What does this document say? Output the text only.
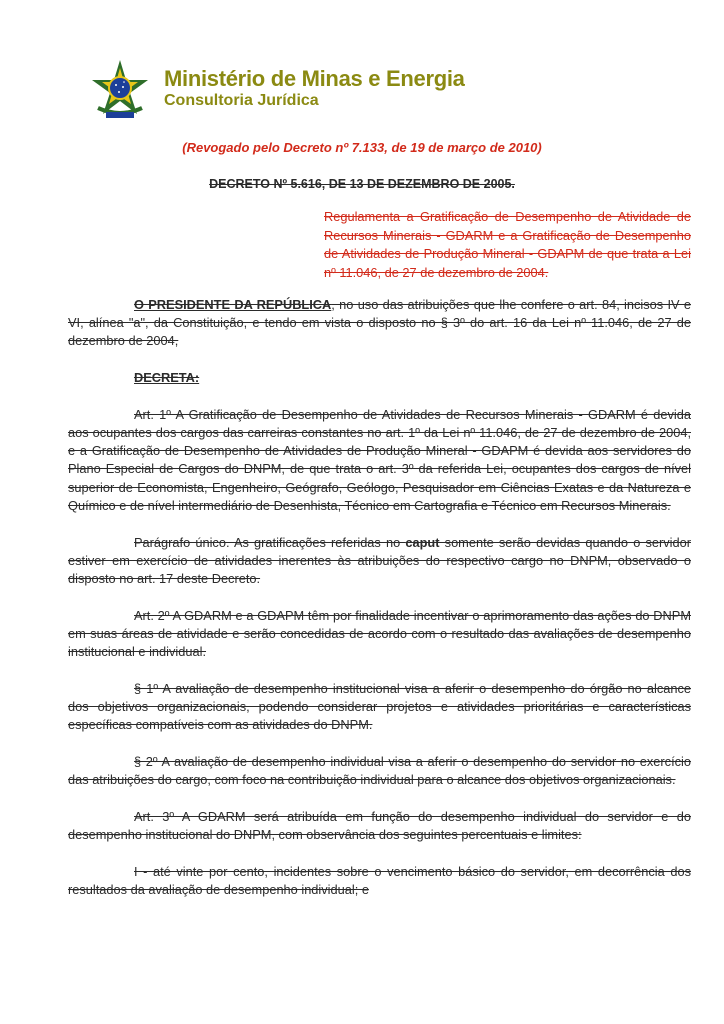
Ministério de Minas e Energia
Consultoria Jurídica
(Revogado pelo Decreto nº 7.133, de 19 de março de 2010)
DECRETO Nº 5.616, DE 13 DE DEZEMBRO DE 2005.
Regulamenta a Gratificação de Desempenho de Atividade de Recursos Minerais - GDARM e a Gratificação de Desempenho de Atividades de Produção Mineral - GDAPM de que trata a Lei nº 11.046, de 27 de dezembro de 2004.

O PRESIDENTE DA REPÚBLICA, no uso das atribuições que lhe confere o art. 84, incisos IV e VI, alínea "a", da Constituição, e tendo em vista o disposto no § 3º do art. 16 da Lei nº 11.046, de 27 de dezembro de 2004,

DECRETA:

Art. 1º A Gratificação de Desempenho de Atividades de Recursos Minerais - GDARM é devida aos ocupantes dos cargos das carreiras constantes no art. 1º da Lei nº 11.046, de 27 de dezembro de 2004, e a Gratificação de Desempenho de Atividades de Produção Mineral - GDAPM é devida aos servidores do Plano Especial de Cargos do DNPM, de que trata o art. 3º da referida Lei, ocupantes dos cargos de nível superior de Economista, Engenheiro, Geógrafo, Geólogo, Pesquisador em Ciências Exatas e da Natureza e Químico e de nível intermediário de Desenhista, Técnico em Cartografia e Técnico em Recursos Minerais.

Parágrafo único. As gratificações referidas no caput somente serão devidas quando o servidor estiver em exercício de atividades inerentes às atribuições do respectivo cargo no DNPM, observado o disposto no art. 17 deste Decreto.

Art. 2º A GDARM e a GDAPM têm por finalidade incentivar o aprimoramento das ações do DNPM em suas áreas de atividade e serão concedidas de acordo com o resultado das avaliações de desempenho institucional e individual.

§ 1º A avaliação de desempenho institucional visa a aferir o desempenho do órgão no alcance dos objetivos organizacionais, podendo considerar projetos e atividades prioritárias e características específicas compatíveis com as atividades do DNPM.

§ 2º A avaliação de desempenho individual visa a aferir o desempenho do servidor no exercício das atribuições do cargo, com foco na contribuição individual para o alcance dos objetivos organizacionais.

Art. 3º A GDARM será atribuída em função do desempenho individual do servidor e do desempenho institucional do DNPM, com observância dos seguintes percentuais e limites:

I - até vinte por cento, incidentes sobre o vencimento básico do servidor, em decorrência dos resultados da avaliação de desempenho individual; e
